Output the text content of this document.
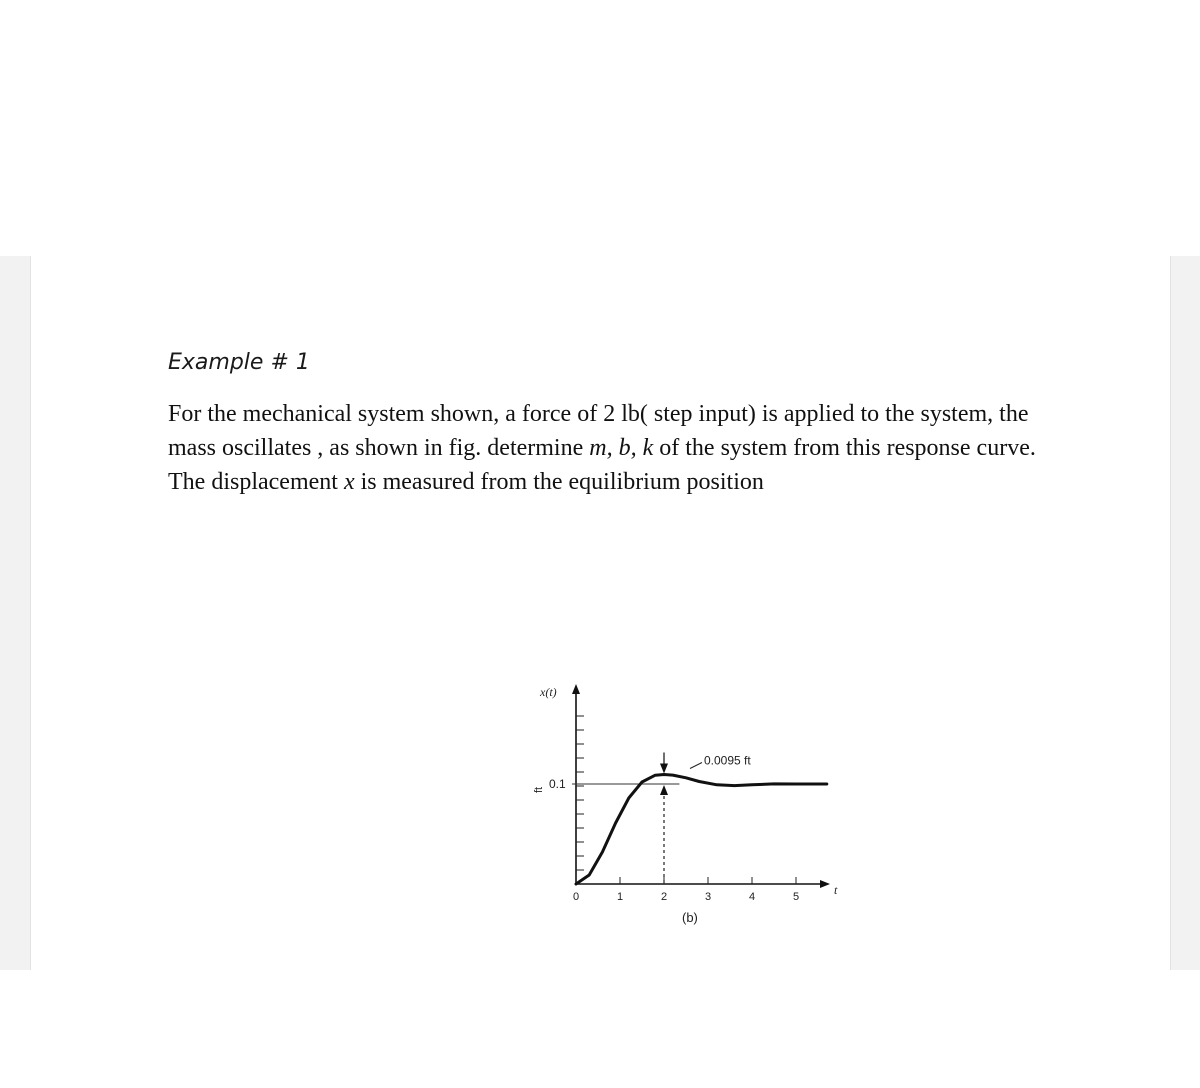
Example # 1

For the mechanical system shown, a force of 2 lb( step input) is applied to the system, the mass oscillates , as shown in fig. determine m, b, k of the system from this response curve. The displacement x is measured from the equilibrium position

x(t)
ft 0.1
0.0095 ft
t
(b)
0	1	2	3	4	5
